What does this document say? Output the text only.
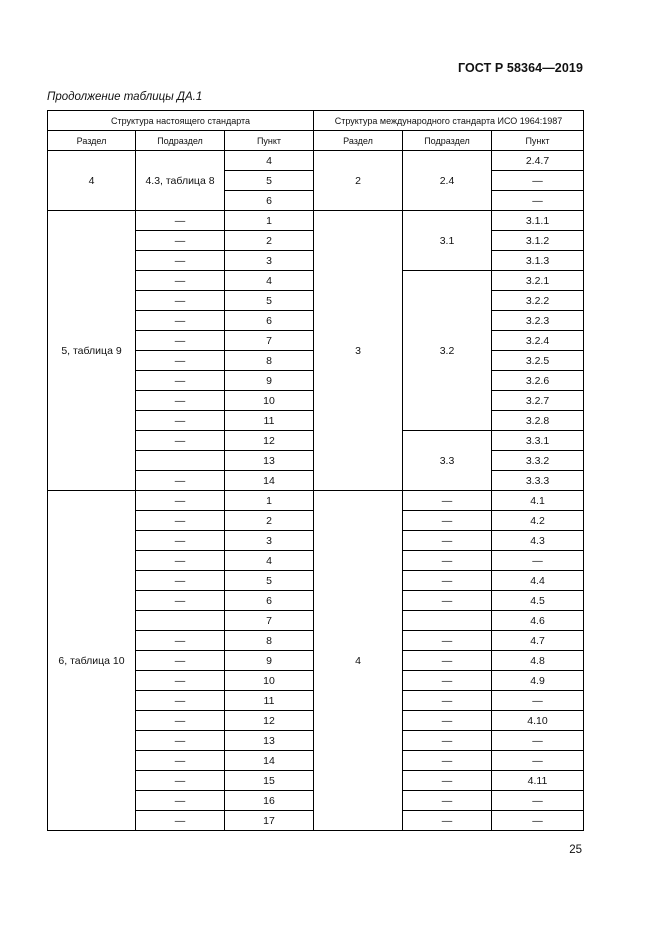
ГОСТ Р 58364—2019
Продолжение таблицы ДА.1
Структура настоящего стандарта			Структура международного стандарта ИСО 1964:1987		
Раздел	Подраздел	Пункт	Раздел	Подраздел	Пункт
4	4.3, таблица 8	4	2	2.4	2.4.7
		5			—
		6			—
5, таблица 9	—	1	3	3.1	3.1.1
	—	2			3.1.2
	—	3			3.1.3
	—	4		3.2	3.2.1
	—	5			3.2.2
	—	6			3.2.3
	—	7			3.2.4
	—	8			3.2.5
	—	9			3.2.6
	—	10			3.2.7
	—	11			3.2.8
	—	12		3.3	3.3.1
		13			3.3.2
	—	14			3.3.3
6, таблица 10	—	1	4	—	4.1
	—	2		—	4.2
	—	3		—	4.3
	—	4		—	—
	—	5		—	4.4
	—	6		—	4.5
		7			4.6
	—	8		—	4.7
	—	9		—	4.8
	—	10		—	4.9
	—	11		—	—
	—	12		—	4.10
	—	13		—	—
	—	14		—	—
	—	15		—	4.11
	—	16		—	—
	—	17		—	—
25
